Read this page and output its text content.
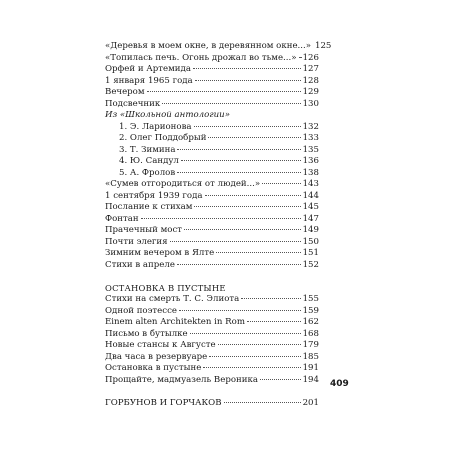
«Деревья в моем окне, в деревянном окне...» 125
«Топилась печь. Огонь дрожал во тьме...» 126
Орфей и Артемида	127
1 января 1965 года	128
Вечером	129
Подсвечник	130
Из «Школьной антологии»
1. Э. Ларионова	132
2. Олег Поддобрый	133
3. Т. Зимина	135
4. Ю. Сандул	136
5. А. Фролов	138
«Сумев отгородиться от людей...»	143
1 сентября 1939 года	144
Послание к стихам	145
Фонтан	147
Прачечный мост	149
Почти элегия	150
Зимним вечером в Ялте	151
Стихи в апреле	152
ОСТАНОВКА В ПУСТЫНЕ
Стихи на смерть Т. С. Элиота	155
Одной поэтессе	159
Einem alten Architekten in Rom	162
Письмо в бутылке	168
Новые стансы к Августе	179
Два часа в резервуаре	185
Остановка в пустыне	191
Прощайте, мадмуазель Вероника	194
ГОРБУНОВ И ГОРЧАКОВ	201
409
